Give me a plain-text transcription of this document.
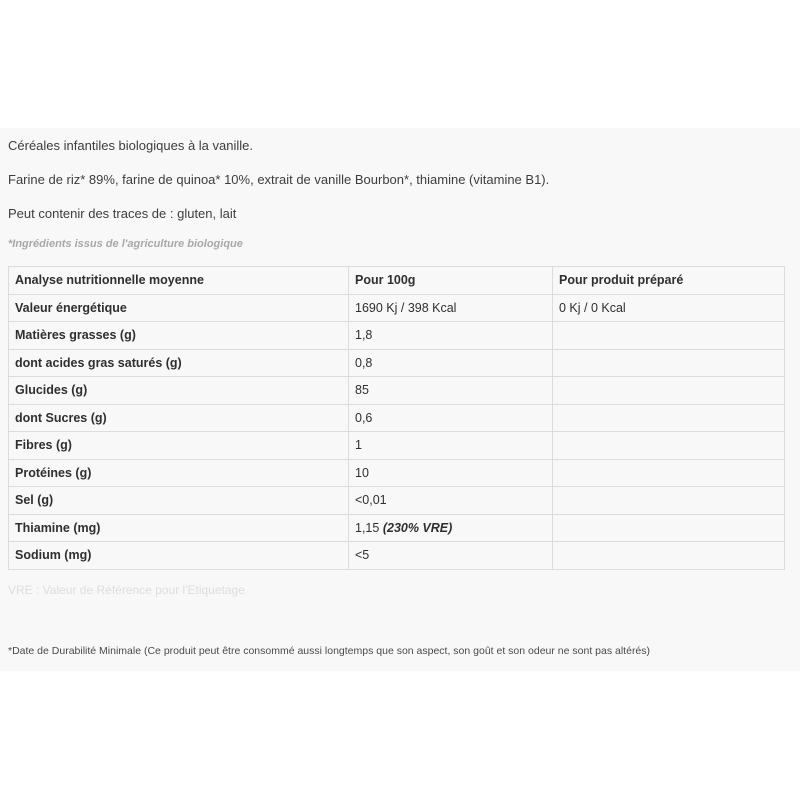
Céréales infantiles biologiques à la vanille.
Farine de riz* 89%, farine de quinoa* 10%, extrait de vanille Bourbon*, thiamine (vitamine B1).
Peut contenir des traces de : gluten, lait
*Ingrédients issus de l'agriculture biologique
Analyse nutritionnelle moyenne	Pour 100g	Pour produit préparé
Valeur énergétique	1690 Kj / 398 Kcal	0 Kj / 0 Kcal
Matières grasses (g)	1,8	
dont acides gras saturés (g)	0,8	
Glucides (g)	85	
dont Sucres (g)	0,6	
Fibres (g)	1	
Protéines (g)	10	
Sel (g)	<0,01	
Thiamine (mg)	1,15 (230% VRE)	
Sodium (mg)	<5	
VRE : Valeur de Référence pour l'Etiquetage
*Date de Durabilité Minimale (Ce produit peut être consommé aussi longtemps que son aspect, son goût et son odeur ne sont pas altérés)
